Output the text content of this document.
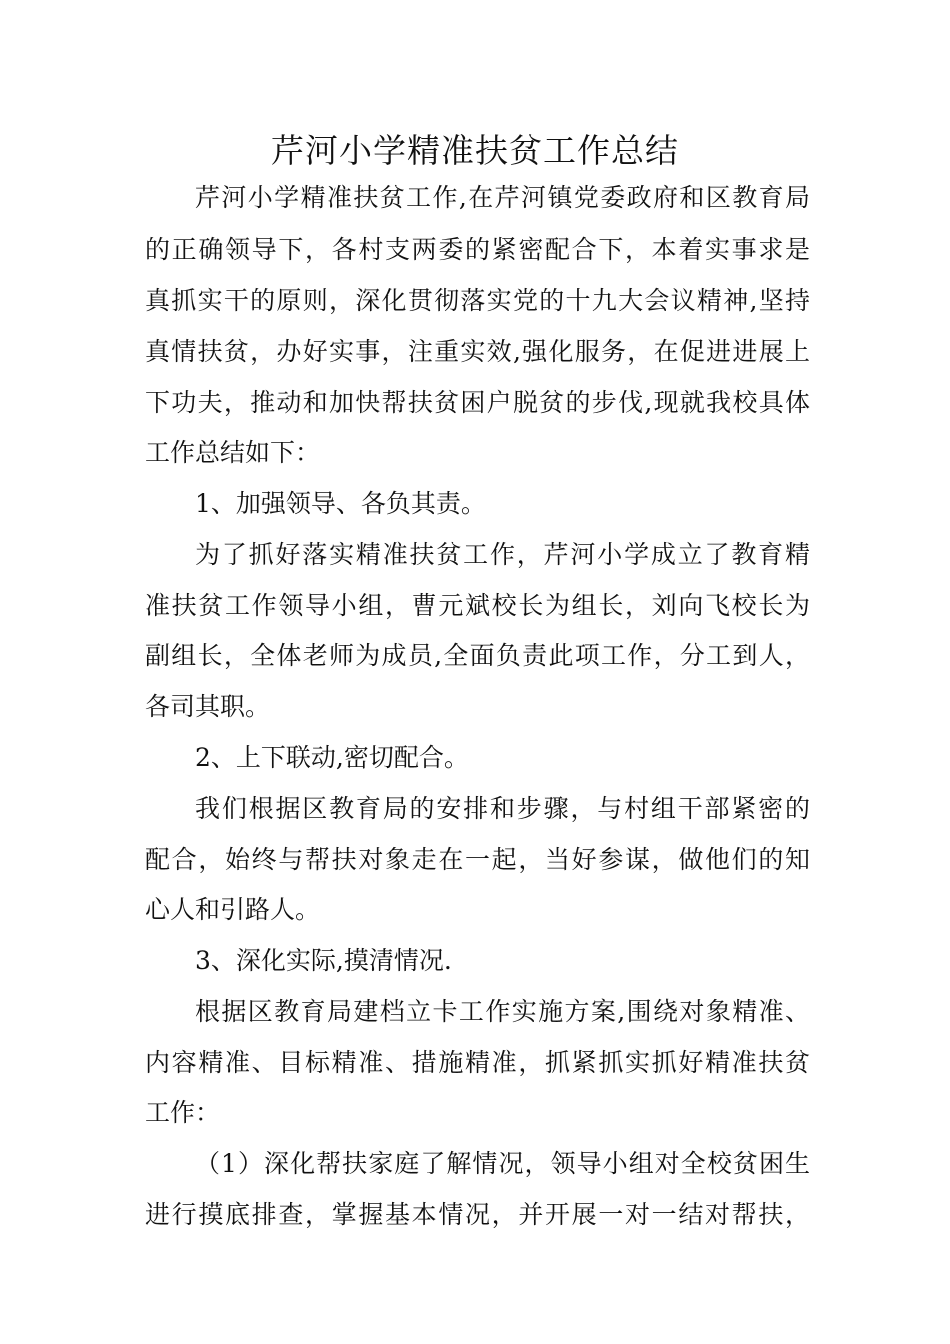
芹河小学精准扶贫工作总结
芹河小学精准扶贫工作,在芹河镇党委政府和区教育局
的正确领导下，各村支两委的紧密配合下，本着实事求是
真抓实干的原则，深化贯彻落实党的十九大会议精神,坚持
真情扶贫，办好实事，注重实效,强化服务，在促进进展上
下功夫，推动和加快帮扶贫困户脱贫的步伐,现就我校具体
工作总结如下：
1、加强领导、各负其责。
为了抓好落实精准扶贫工作，芹河小学成立了教育精
准扶贫工作领导小组，曹元斌校长为组长，刘向飞校长为
副组长，全体老师为成员,全面负责此项工作，分工到人，
各司其职。
2、上下联动,密切配合。
我们根据区教育局的安排和步骤，与村组干部紧密的
配合，始终与帮扶对象走在一起，当好参谋，做他们的知
心人和引路人。
3、深化实际,摸清情况.
根据区教育局建档立卡工作实施方案,围绕对象精准、
内容精准、目标精准、措施精准，抓紧抓实抓好精准扶贫
工作：
（1）深化帮扶家庭了解情况，领导小组对全校贫困生
进行摸底排查，掌握基本情况，并开展一对一结对帮扶，
